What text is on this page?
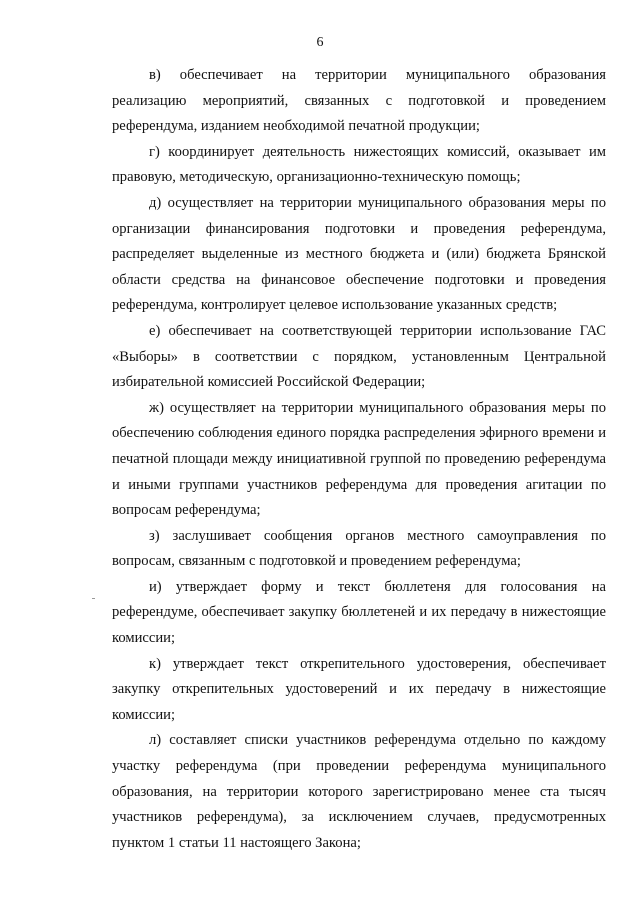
6

в) обеспечивает на территории муниципального образования реализацию мероприятий, связанных с подготовкой и проведением референдума, изданием необходимой печатной продукции;

г) координирует деятельность нижестоящих комиссий, оказывает им правовую, методическую, организационно-техническую помощь;

д) осуществляет на территории муниципального образования меры по организации финансирования подготовки и проведения референдума, распределяет выделенные из местного бюджета и (или) бюджета Брянской области средства на финансовое обеспечение подготовки и проведения референдума, контролирует целевое использование указанных средств;

е) обеспечивает на соответствующей территории использование ГАС «Выборы» в соответствии с порядком, установленным Центральной избирательной комиссией Российской Федерации;

ж) осуществляет на территории муниципального образования меры по обеспечению соблюдения единого порядка распределения эфирного времени и печатной площади между инициативной группой по проведению референдума и иными группами участников референдума для проведения агитации по вопросам референдума;

з) заслушивает сообщения органов местного самоуправления по вопросам, связанным с подготовкой и проведением референдума;

и) утверждает форму и текст бюллетеня для голосования на референдуме, обеспечивает закупку бюллетеней и их передачу в нижестоящие комиссии;

к) утверждает текст открепительного удостоверения, обеспечивает закупку открепительных удостоверений и их передачу в нижестоящие комиссии;

л) составляет списки участников референдума отдельно по каждому участку референдума (при проведении референдума муниципального образования, на территории которого зарегистрировано менее ста тысяч участников референдума), за исключением случаев, предусмотренных пунктом 1 статьи 11 настоящего Закона;
